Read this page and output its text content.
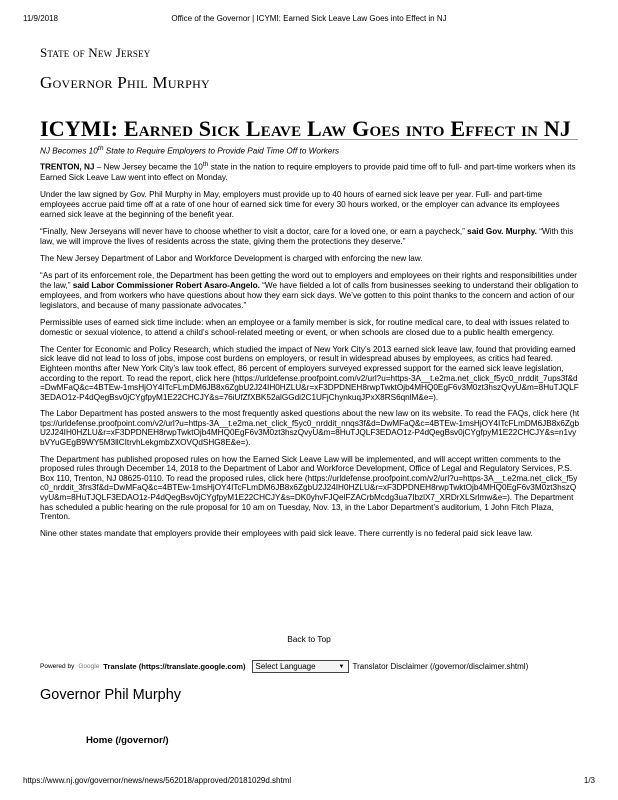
11/9/2018	Office of the Governor | ICYMI: Earned Sick Leave Law Goes into Effect in NJ
State of New Jersey
Governor Phil Murphy
ICYMI: Earned Sick Leave Law Goes into Effect in NJ
NJ Becomes 10th State to Require Employers to Provide Paid Time Off to Workers

TRENTON, NJ – New Jersey became the 10th state in the nation to require employers to provide paid time off to full- and part-time workers when its Earned Sick Leave Law went into effect on Monday.

Under the law signed by Gov. Phil Murphy in May, employers must provide up to 40 hours of earned sick leave per year. Full- and part-time employees accrue paid time off at a rate of one hour of earned sick time for every 30 hours worked, or the employer can advance its employees earned sick leave at the beginning of the benefit year.

“Finally, New Jerseyans will never have to choose whether to visit a doctor, care for a loved one, or earn a paycheck,” said Gov. Murphy. “With this law, we will improve the lives of residents across the state, giving them the protections they deserve.”

The New Jersey Department of Labor and Workforce Development is charged with enforcing the new law.

“As part of its enforcement role, the Department has been getting the word out to employers and employees on their rights and responsibilities under the law,” said Labor Commissioner Robert Asaro-Angelo. “We have fielded a lot of calls from businesses seeking to understand their obligation to employees, and from workers who have questions about how they earn sick days. We’ve gotten to this point thanks to the concern and action of our legislators, and because of many passionate advocates.”

Permissible uses of earned sick time include: when an employee or a family member is sick, for routine medical care, to deal with issues related to domestic or sexual violence, to attend a child’s school-related meeting or event, or when schools are closed due to a public health emergency.

The Center for Economic and Policy Research, which studied the impact of New York City’s 2013 earned sick leave law, found that providing earned sick leave did not lead to loss of jobs, impose cost burdens on employers, or result in widespread abuses by employees, as critics had feared. Eighteen months after New York City’s law took effect, 86 percent of employers surveyed expressed support for the earned sick leave legislation, according to the report. To read the report, click here (https://urldefense.proofpoint.com/v2/url?u=https-3A__t.e2ma.net_click_f5yc0_nrddit_7ups3f&d=DwMFaQ&c=4BTEw-1msHjOY4ITcFLmDM6JB8x6ZgbU2J24IH0HZLU&r=xF3DPDNEH8rwpTwktOjb4MHQ0EgF6v3M0zt3hszQvyU&m=8HuTJQLF3EDAO1z-P4dQegBsv0jCYgfpyM1E22CHCJY&s=76iUfZfXBK52alGGdi2C1UFjChynkuqJPxX8RS6qnlM&e=).

The Labor Department has posted answers to the most frequently asked questions about the new law on its website. To read the FAQs, click here (https://urldefense.proofpoint.com/v2/url?u=https-3A__t.e2ma.net_click_f5yc0_nrddit_nnqs3f&d=DwMFaQ&c=4BTEw-1msHjOY4ITcFLmDM6JB8x6ZgbU2J24IH0HZLU&r=xF3DPDNEH8rwpTwktOjb4MHQ0EgF6v3M0zt3hszQvyU&m=8HuTJQLF3EDAO1z-P4dQegBsv0jCYgfpyM1E22CHCJY&s=n1vybVYuGEgB9WY5M3llCItrvhLekgmbZXOVQdSHG8E&e=).

The Department has published proposed rules on how the Earned Sick Leave Law will be implemented, and will accept written comments to the proposed rules through December 14, 2018 to the Department of Labor and Workforce Development, Office of Legal and Regulatory Services, P.S. Box 110, Trenton, NJ 08625-0110. To read the proposed rules, click here (https://urldefense.proofpoint.com/v2/url?u=https-3A__t.e2ma.net_click_f5yc0_nrddit_3frs3f&d=DwMFaQ&c=4BTEw-1msHjOY4ITcFLmDM6JB8x6ZgbU2J24IH0HZLU&r=xF3DPDNEH8rwpTwktOjb4MHQ0EgF6v3M0zt3hszQvyU&m=8HuTJQLF3EDAO1z-P4dQegBsv0jCYgfpyM1E22CHCJY&s=DK0yhvFJQelFZACrbMcdg3ua7IbzlX7_XRDrXLSrlmw&e=). The Department has scheduled a public hearing on the rule proposal for 10 am on Tuesday, Nov. 13, in the Labor Department’s auditorium, 1 John Fitch Plaza, Trenton.

Nine other states mandate that employers provide their employees with paid sick leave. There currently is no federal paid sick leave law.

Back to Top
Powered by Google Translate (https://translate.google.com) Select Language	▼ Translator Disclaimer (/governor/disclaimer.shtml)
Governor Phil Murphy
Home (/governor/)
https://www.nj.gov/governor/news/news/562018/approved/20181029d.shtml	1/3
